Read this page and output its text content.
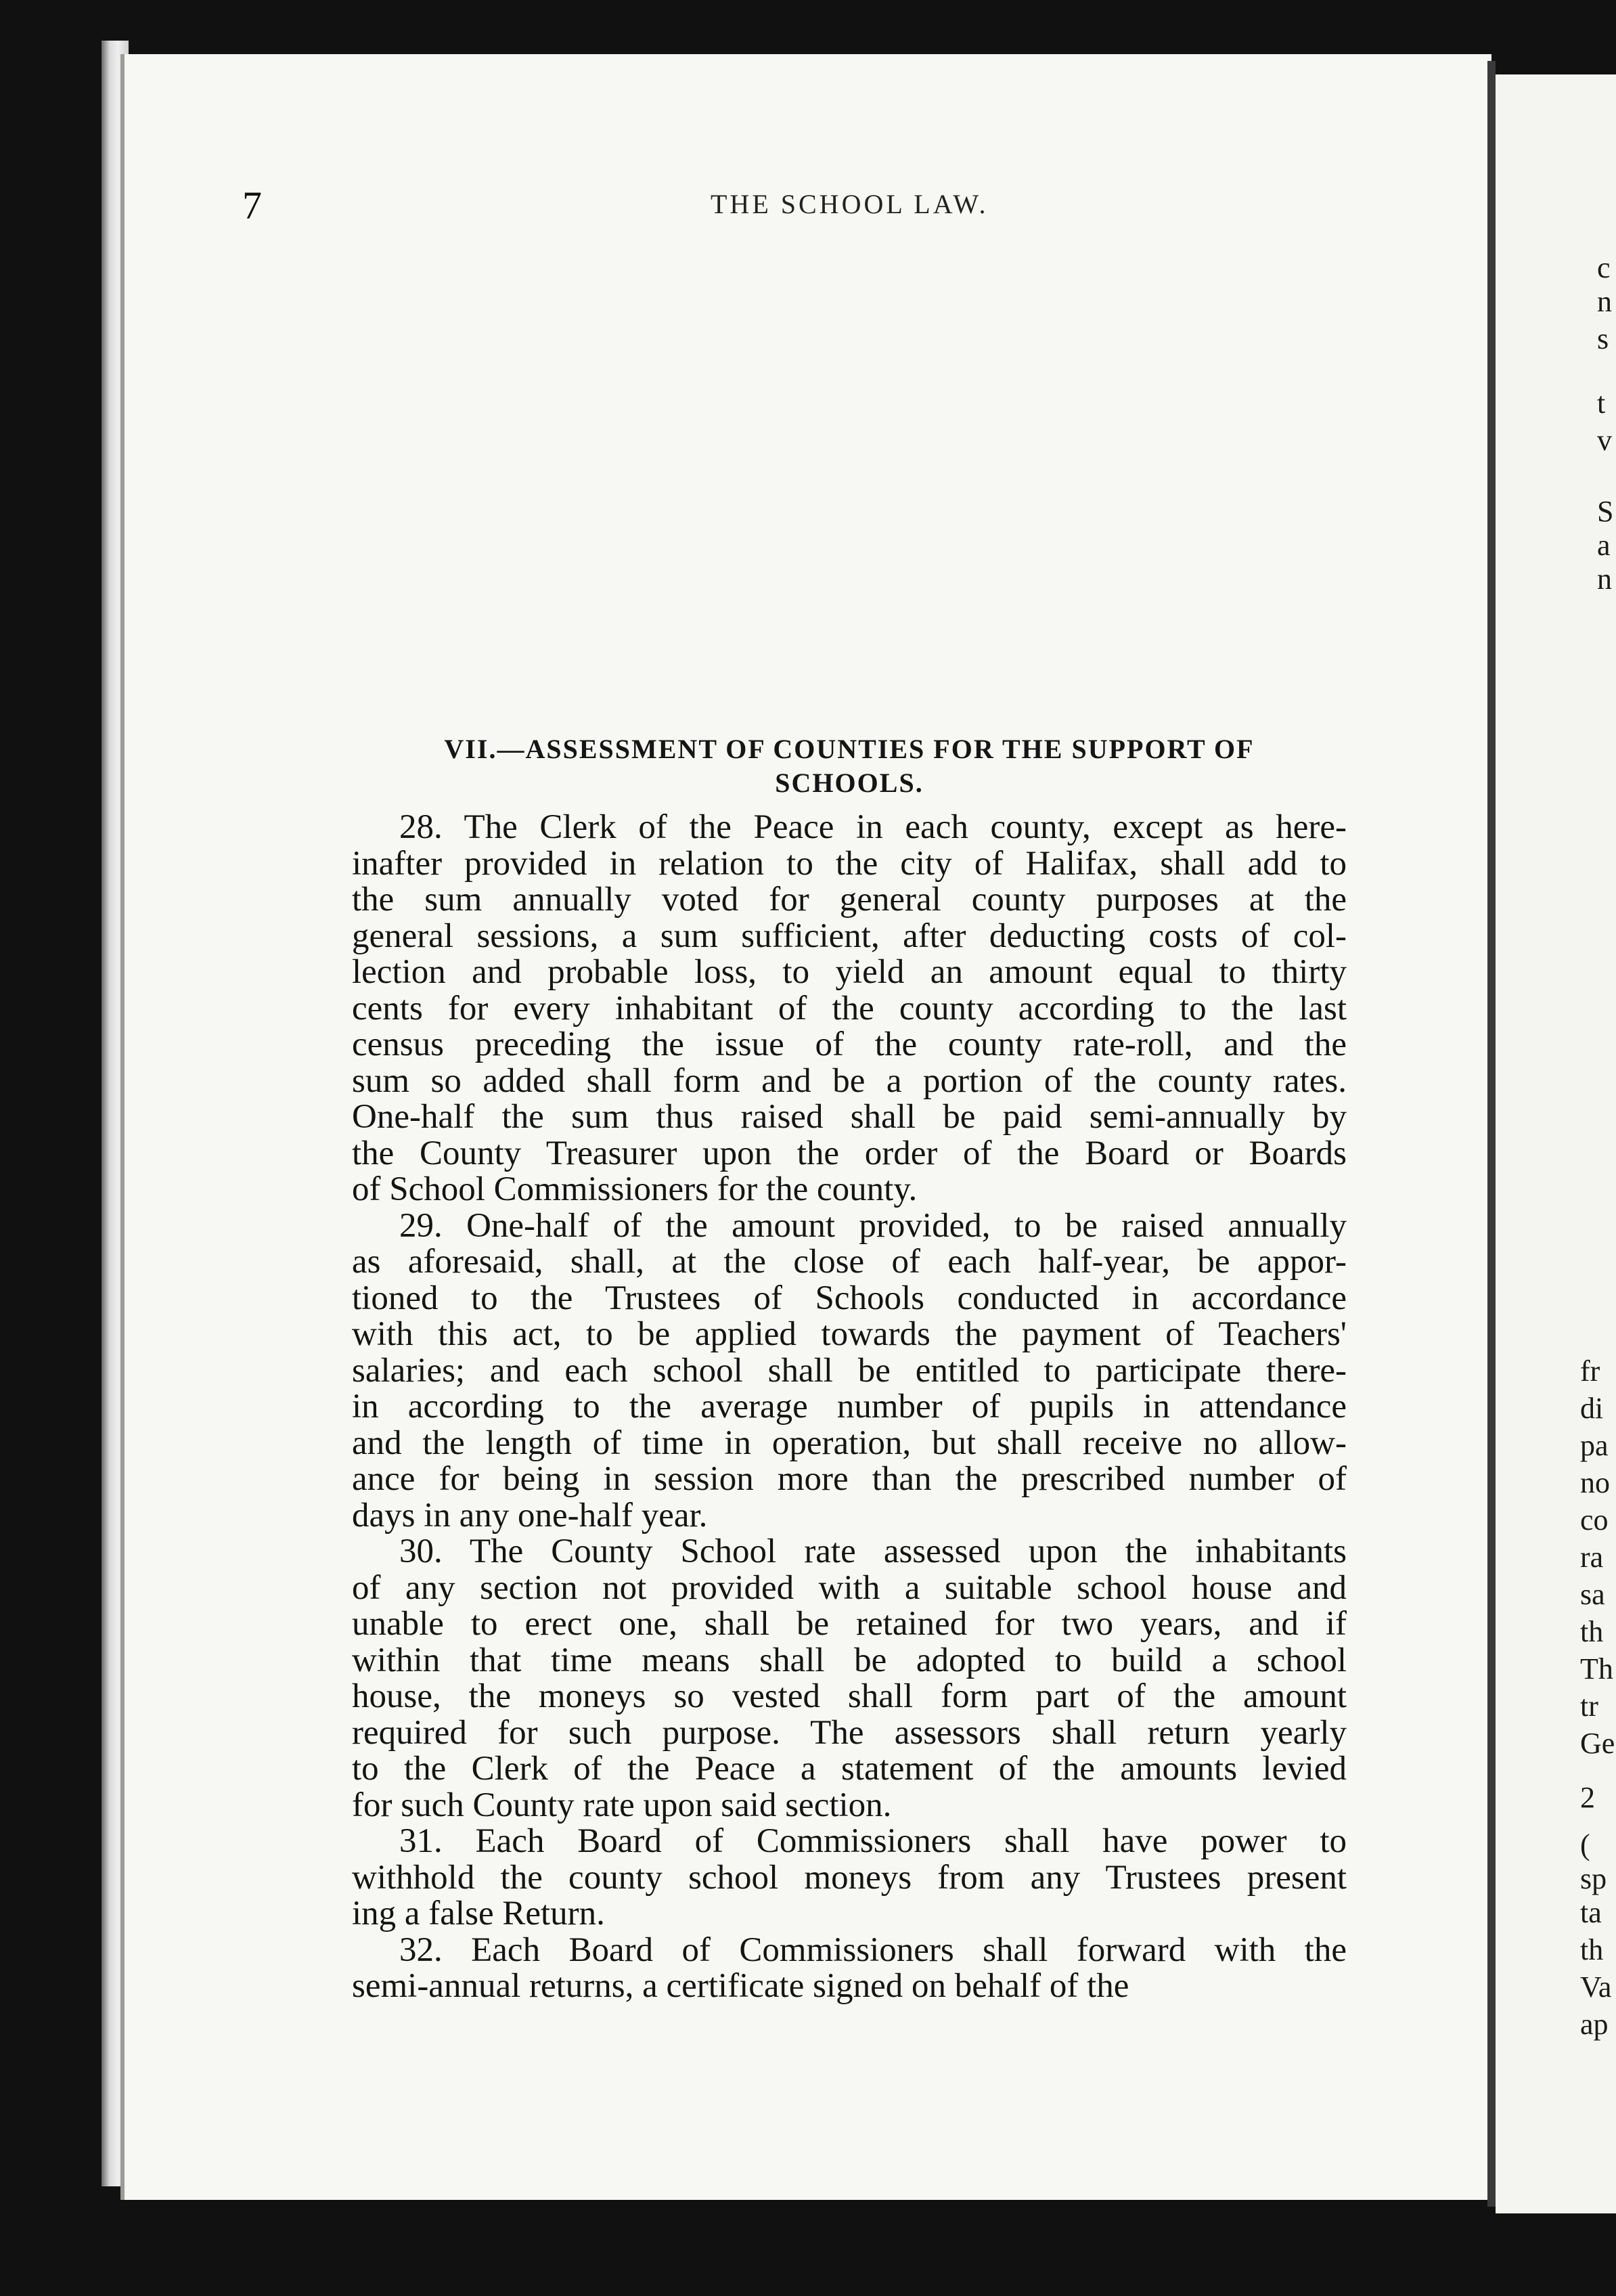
c
n
s
t
v
S
a
n
fr
di
pa
no
co
ra
sa
th
Th
tr
Ge
2
(
sp
ta
th
Va
ap
7	THE SCHOOL LAW.
VII.—ASSESSMENT OF COUNTIES FOR THE SUPPORT OF
SCHOOLS.
28. The Clerk of the Peace in each county, except as here-
inafter provided in relation to the city of Halifax, shall add to
the sum annually voted for general county purposes at the
general sessions, a sum sufficient, after deducting costs of col-
lection and probable loss, to yield an amount equal to thirty
cents for every inhabitant of the county according to the last
census preceding the issue of the county rate-roll, and the
sum so added shall form and be a portion of the county rates.
One-half the sum thus raised shall be paid semi-annually by
the County Treasurer upon the order of the Board or Boards
of School Commissioners for the county.
29. One-half of the amount provided, to be raised annually
as aforesaid, shall, at the close of each half-year, be appor-
tioned to the Trustees of Schools conducted in accordance
with this act, to be applied towards the payment of Teachers'
salaries; and each school shall be entitled to participate there-
in according to the average number of pupils in attendance
and the length of time in operation, but shall receive no allow-
ance for being in session more than the prescribed number of
days in any one-half year.
30. The County School rate assessed upon the inhabitants
of any section not provided with a suitable school house and
unable to erect one, shall be retained for two years, and if
within that time means shall be adopted to build a school
house, the moneys so vested shall form part of the amount
required for such purpose. The assessors shall return yearly
to the Clerk of the Peace a statement of the amounts levied
for such County rate upon said section.
31. Each Board of Commissioners shall have power to
withhold the county school moneys from any Trustees present
ing a false Return.
32. Each Board of Commissioners shall forward with the
semi-annual returns, a certificate signed on behalf of the
